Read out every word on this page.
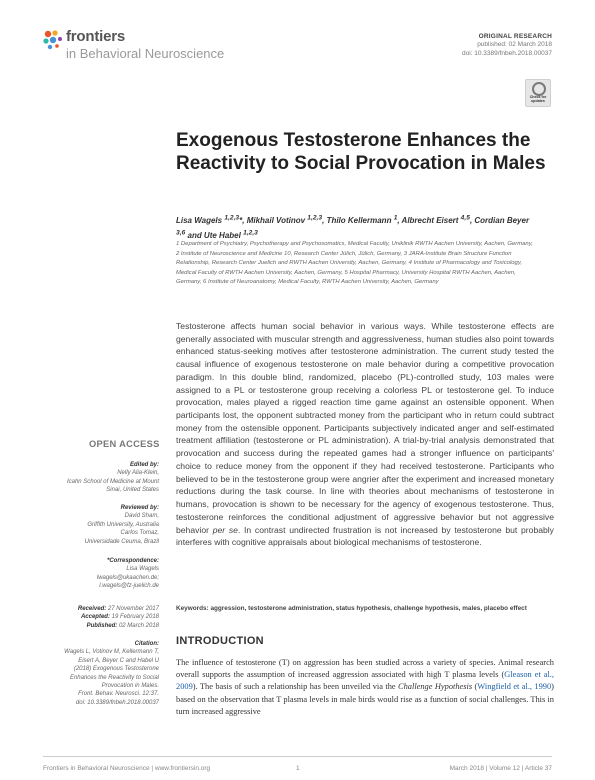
frontiers
in Behavioral Neuroscience
ORIGINAL RESEARCH
published: 02 March 2018
doi: 10.3389/fnbeh.2018.00037
Check for updates
Exogenous Testosterone Enhances the Reactivity to Social Provocation in Males
Lisa Wagels $^{1,2,3}$*, Mikhail Votinov $^{1,2,3}$, Thilo Kellermann $^1$, Albrecht Eisert $^{4,5}$, Cordian Beyer $^{3,6}$ and Ute Habel $^{1,2,3}$
1 Department of Psychiatry, Psychotherapy and Psychosomatics, Medical Faculty, Uniklinik RWTH Aachen University, Aachen, Germany, 2 Institute of Neuroscience and Medicine 10, Research Center Jülich, Jülich, Germany, 3 JARA-Institute Brain Structure Function Relationship, Research Center Juelich and RWTH Aachen University, Aachen, Germany, 4 Institute of Pharmacology and Toxicology, Medical Faculty of RWTH Aachen University, Aachen, Germany, 5 Hospital Pharmacy, University Hospital RWTH Aachen, Aachen, Germany, 6 Institute of Neuroanatomy, Medical Faculty, RWTH Aachen University, Aachen, Germany
Testosterone affects human social behavior in various ways. While testosterone effects are generally associated with muscular strength and aggressiveness, human studies also point towards enhanced status-seeking motives after testosterone administration. The current study tested the causal influence of exogenous testosterone on male behavior during a competitive provocation paradigm. In this double blind, randomized, placebo (PL)-controlled study, 103 males were assigned to a PL or testosterone group receiving a colorless PL or testosterone gel. To induce provocation, males played a rigged reaction time game against an ostensible opponent. When participants lost, the opponent subtracted money from the participant who in return could subtract money from the ostensible opponent. Participants subjectively indicated anger and self-estimated treatment affiliation (testosterone or PL administration). A trial-by-trial analysis demonstrated that provocation and success during the repeated games had a stronger influence on participants' choice to reduce money from the opponent if they had received testosterone. Participants who believed to be in the testosterone group were angrier after the experiment and increased monetary reductions during the task course. In line with theories about mechanisms of testosterone in humans, provocation is shown to be necessary for the agency of exogenous testosterone. Thus, testosterone reinforces the conditional adjustment of aggressive behavior but not aggressive behavior per se. In contrast undirected frustration is not increased by testosterone but probably interferes with cognitive appraisals about biological mechanisms of testosterone.
Keywords: aggression, testosterone administration, status hypothesis, challenge hypothesis, males, placebo effect
OPEN ACCESS
Edited by:
Nelly Alia-Klein,
Icahn School of Medicine at Mount
Sinai, United States
Reviewed by:
David Sham,
Griffith University, Australia
Carlos Tomaz,
Universidade Ceuma, Brazil
*Correspondence:
Lisa Wagels
lwagels@ukaachen.de;
l.wagels@fz-juelich.de
Received: 27 November 2017
Accepted: 19 February 2018
Published: 02 March 2018
Citation:
Wagels L, Votinov M, Kellermann T,
Eisert A, Beyer C and Habel U
(2018) Exogenous Testosterone
Enhances the Reactivity to Social
Provocation in Males.
Front. Behav. Neurosci. 12:37.
doi: 10.3389/fnbeh.2018.00037
INTRODUCTION
The influence of testosterone (T) on aggression has been studied across a variety of species. Animal research overall supports the assumption of increased aggression associated with high T plasma levels (Gleason et al., 2009). The basis of such a relationship has been unveiled via the Challenge Hypothesis (Wingfield et al., 1990) based on the observation that T plasma levels in male birds would rise as a function of social challenges. This in turn increased aggressive
Frontiers in Behavioral Neuroscience | www.frontiersin.org	1	March 2018 | Volume 12 | Article 37
